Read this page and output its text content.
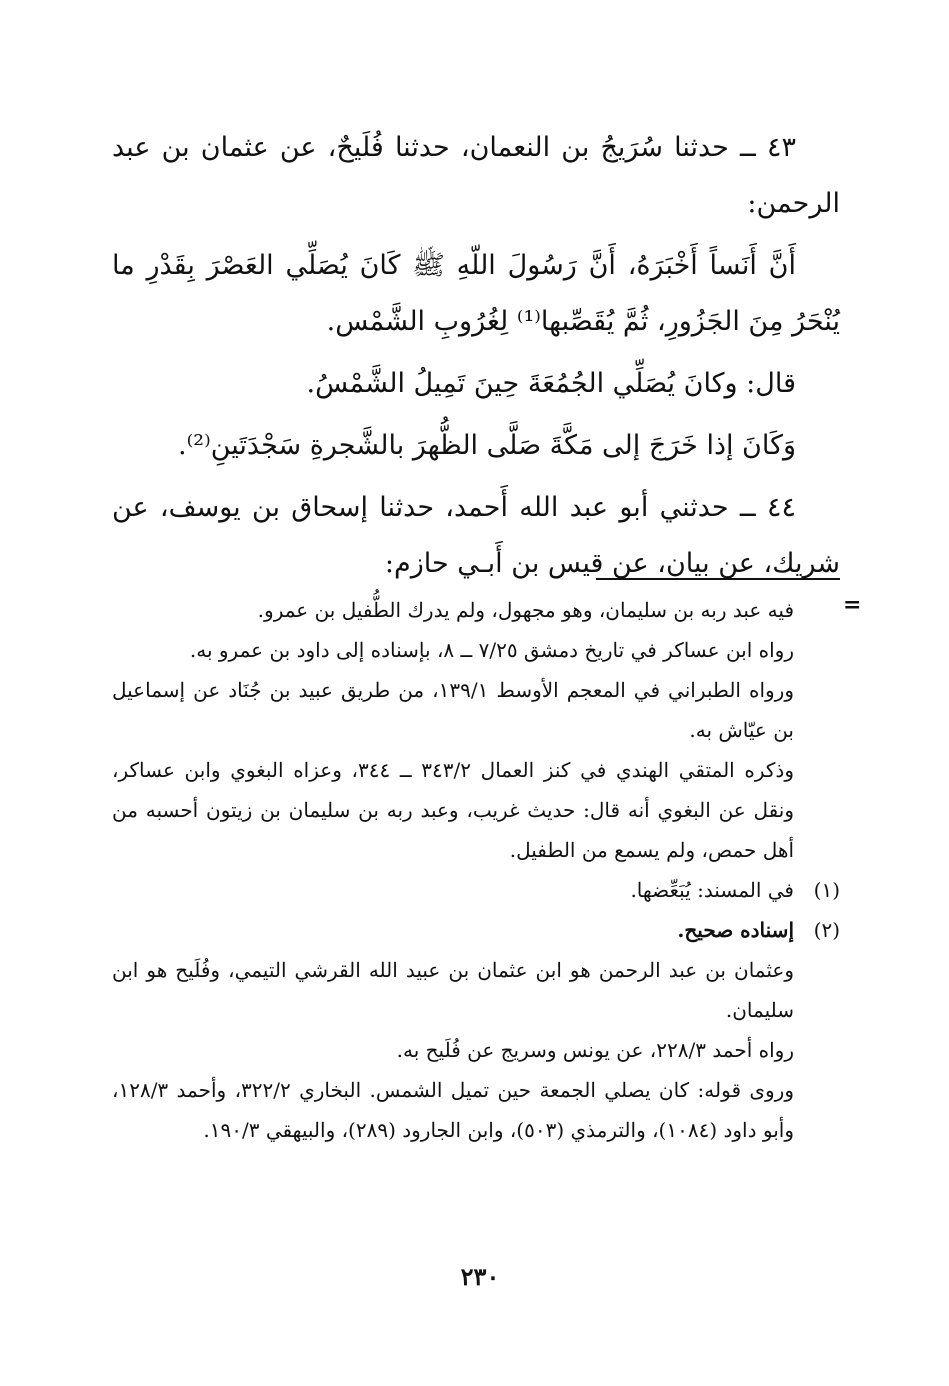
٤٣ ــ حدثنا سُرَيجُ بن النعمان، حدثنا فُلَيحٌ، عن عثمان بن عبد الرحمن:

أَنَّ أَنَساً أَخْبَرَهُ، أَنَّ رَسُولَ اللّهِ ﷺ كَانَ يُصَلِّي العَصْرَ بِقَدْرِ ما يُنْحَرُ مِنَ الجَزُورِ، ثُمَّ يُقَصِّبها⁽¹⁾ لِغُرُوبِ الشَّمْس.

قال: وكانَ يُصَلِّي الجُمُعَةَ حِينَ تَمِيلُ الشَّمْسُ.

وَكَانَ إذا خَرَجَ إلى مَكَّةَ صَلَّى الظُّهرَ بالشَّجرةِ سَجْدَتَينِ⁽²⁾.

٤٤ ــ حدثني أبو عبد الله أَحمد، حدثنا إسحاق بن يوسف، عن شريك، عن بيان، عن قيس بن أَبـي حازم:

=

فيه عبد ربه بن سليمان، وهو مجهول، ولم يدرك الطُّفيل بن عمرو.

رواه ابن عساكر في تاريخ دمشق ٧/٢٥ ــ ٨، بإسناده إلى داود بن عمرو به.

ورواه الطبراني في المعجم الأوسط ١٣٩/١، من طريق عبيد بن جُنَاد عن إسماعيل بن عيّاش به.

وذكره المتقي الهندي في كنز العمال ٣٤٣/٢ ــ ٣٤٤، وعزاه البغوي وابن عساكر، ونقل عن البغوي أنه قال: حديث غريب، وعبد ربه بن سليمان بن زيتون أحسبه من أهل حمص، ولم يسمع من الطفيل.

(١)
في المسند: يُبَعِّضها.
(٢)
إسناده صحيح.

وعثمان بن عبد الرحمن هو ابن عثمان بن عبيد الله القرشي التيمي، وفُلَيح هو ابن سليمان.

رواه أحمد ٢٢٨/٣، عن يونس وسريج عن فُلَيح به.

وروى قوله: كان يصلي الجمعة حين تميل الشمس. البخاري ٣٢٢/٢، وأحمد ١٢٨/٣، وأبو داود (١٠٨٤)، والترمذي (٥٠٣)، وابن الجارود (٢٨٩)، والبيهقي ١٩٠/٣.

٢٣٠
